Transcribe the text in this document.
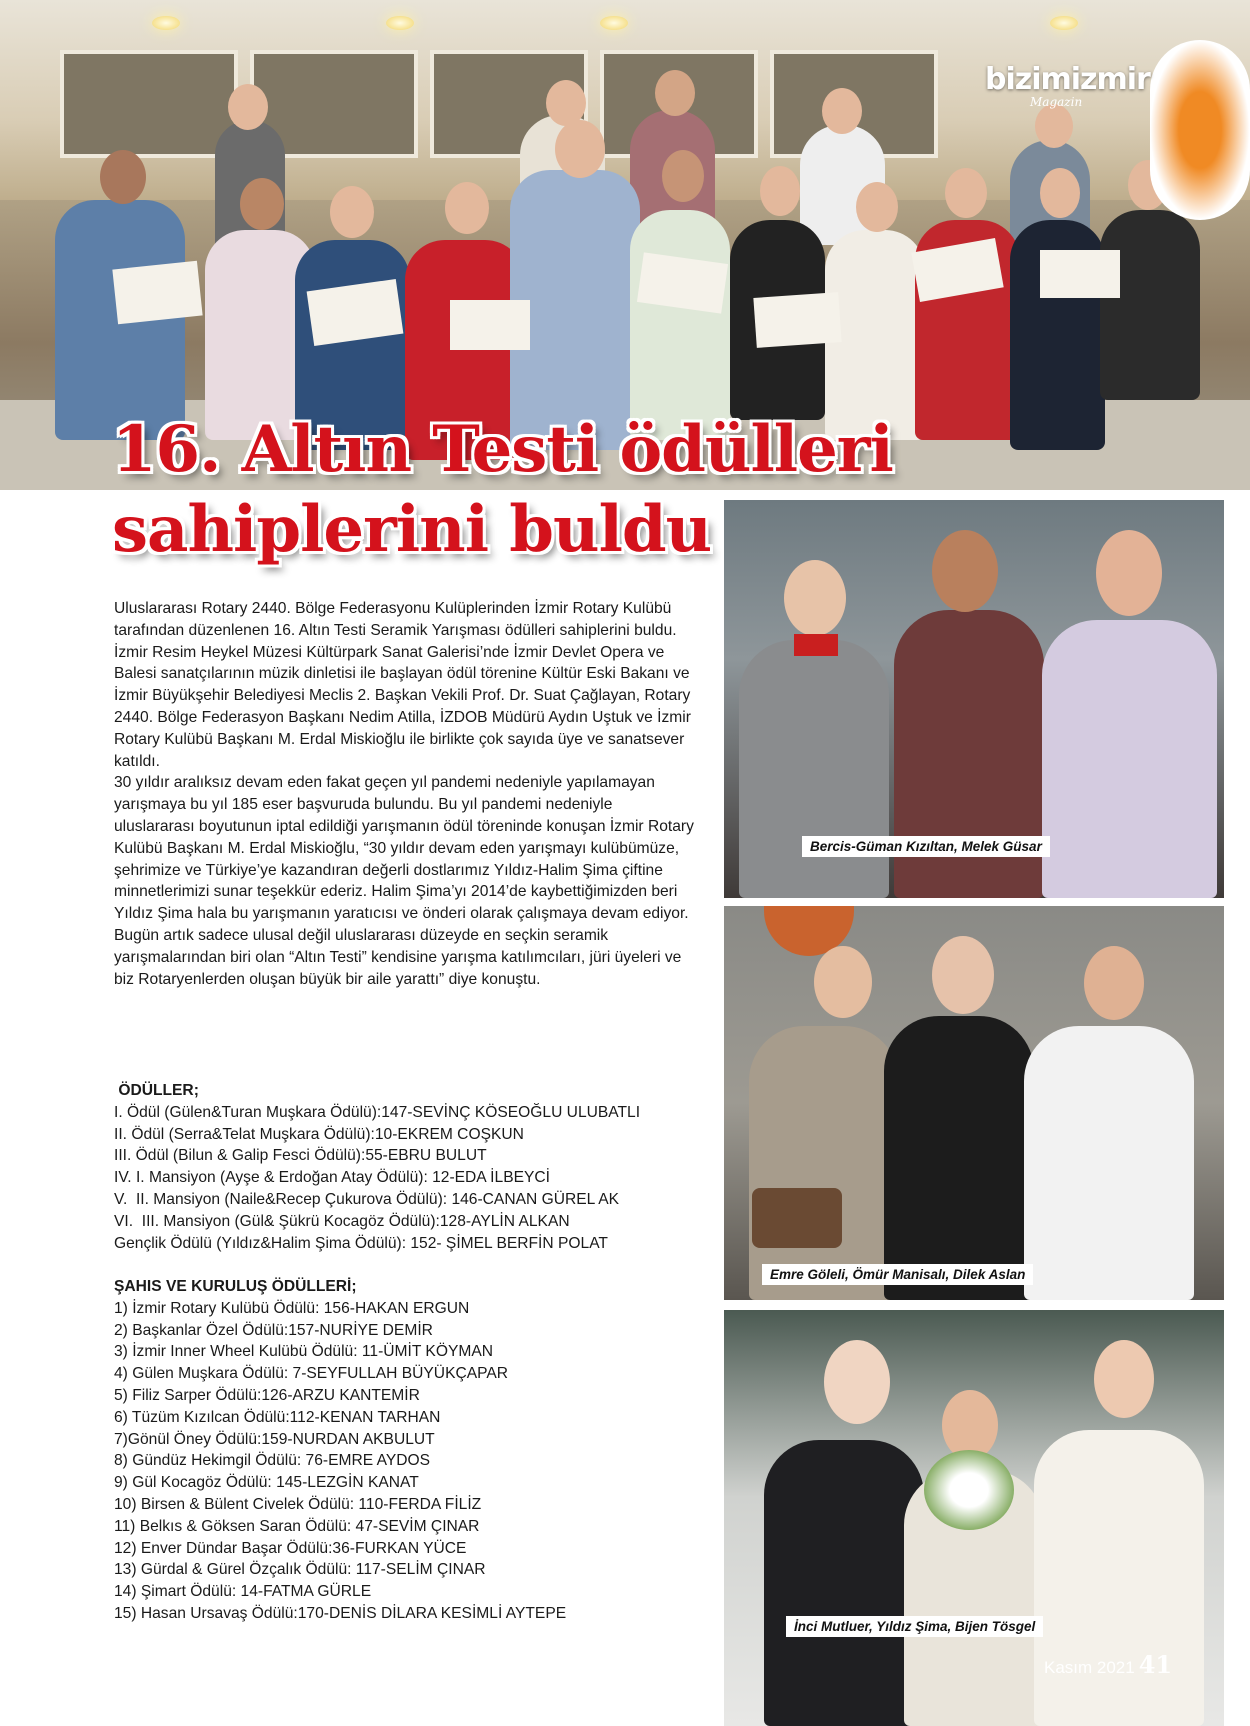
bizimizmir
Magazin
16. Altın Testi ödülleri
sahiplerini buldu

Uluslararası Rotary 2440. Bölge Federasyonu Kulüplerinden İzmir Rotary Kulübü tarafından düzenlenen 16. Altın Testi Seramik Yarışması ödülleri sahiplerini buldu.

İzmir Resim Heykel Müzesi Kültürpark Sanat Galerisi’nde İzmir Devlet Opera ve Balesi sanatçılarının müzik dinletisi ile başlayan ödül törenine Kültür Eski Bakanı ve İzmir Büyükşehir Belediyesi Meclis 2. Başkan Vekili Prof. Dr. Suat Çağlayan, Rotary 2440. Bölge Federasyon Başkanı Nedim Atilla, İZDOB Müdürü Aydın Uştuk ve İzmir Rotary Kulübü Başkanı M. Erdal Miskioğlu ile birlikte çok sayıda üye ve sanatsever katıldı.

30 yıldır aralıksız devam eden fakat geçen yıl pandemi nedeniyle yapılamayan yarışmaya bu yıl 185 eser başvuruda bulundu. Bu yıl pandemi nedeniyle uluslararası boyutunun iptal edildiği yarışmanın ödül töreninde konuşan İzmir Rotary Kulübü Başkanı M. Erdal Miskioğlu, “30 yıldır devam eden yarışmayı kulübümüze, şehrimize ve Türkiye’ye kazandıran değerli dostlarımız Yıldız-Halim Şima çiftine minnetlerimizi sunar teşekkür ederiz. Halim Şima’yı 2014’de kaybettiğimizden beri Yıldız Şima hala bu yarışmanın yaratıcısı ve önderi olarak çalışmaya devam ediyor. Bugün artık sadece ulusal değil uluslararası düzeyde en seçkin seramik yarışmalarından biri olan “Altın Testi” kendisine yarışma katılımcıları, jüri üyeleri ve biz Rotaryenlerden oluşan büyük bir aile yarattı” diye konuştu.

ÖDÜLLER;
I. Ödül (Gülen&Turan Muşkara Ödülü):147-SEVİNÇ KÖSEOĞLU ULUBATLI
II. Ödül (Serra&Telat Muşkara Ödülü):10-EKREM COŞKUN
III. Ödül (Bilun & Galip Fesci Ödülü):55-EBRU BULUT
IV. I. Mansiyon (Ayşe & Erdoğan Atay Ödülü): 12-EDA İLBEYCİ
V.  II. Mansiyon (Naile&Recep Çukurova Ödülü): 146-CANAN GÜREL AK
VI.  III. Mansiyon (Gül& Şükrü Kocagöz Ödülü):128-AYLİN ALKAN
Gençlik Ödülü (Yıldız&Halim Şima Ödülü): 152- ŞİMEL BERFİN POLAT
ŞAHIS VE KURULUŞ ÖDÜLLERİ;
1) İzmir Rotary Kulübü Ödülü: 156-HAKAN ERGUN
2) Başkanlar Özel Ödülü:157-NURİYE DEMİR
3) İzmir Inner Wheel Kulübü Ödülü: 11-ÜMİT KÖYMAN
4) Gülen Muşkara Ödülü: 7-SEYFULLAH BÜYÜKÇAPAR
5) Filiz Sarper Ödülü:126-ARZU KANTEMİR
6) Tüzüm Kızılcan Ödülü:112-KENAN TARHAN
7)Gönül Öney Ödülü:159-NURDAN AKBULUT
8) Gündüz Hekimgil Ödülü: 76-EMRE AYDOS
9) Gül Kocagöz Ödülü: 145-LEZGİN KANAT
10) Birsen & Bülent Civelek Ödülü: 110-FERDA FİLİZ
11) Belkıs & Göksen Saran Ödülü: 47-SEVİM ÇINAR
12) Enver Dündar Başar Ödülü:36-FURKAN YÜCE
13) Gürdal & Gürel Özçalık Ödülü: 117-SELİM ÇINAR
14) Şimart Ödülü: 14-FATMA GÜRLE
15) Hasan Ursavaş Ödülü:170-DENİS DİLARA KESİMLİ AYTEPE
Bercis-Güman Kızıltan, Melek Güsar
Emre Göleli, Ömür Manisalı, Dilek Aslan
İnci Mutluer, Yıldız Şima, Bijen Tösgel
Kasım 2021 41
